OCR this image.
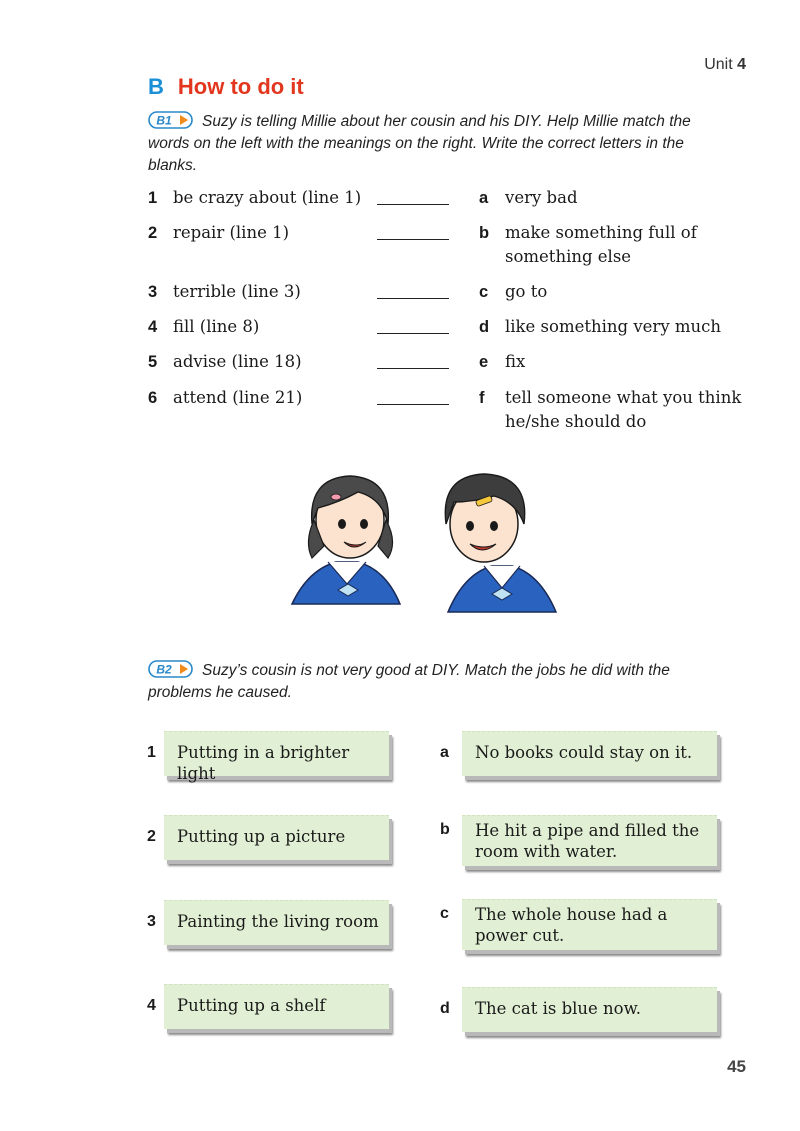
Unit 4
B How to do it
B1 Suzy is telling Millie about her cousin and his DIY. Help Millie match the words on the left with the meanings on the right. Write the correct letters in the blanks.
1 be crazy about (line 1)	a very bad
2 repair (line 1)	b make something full of something else
3 terrible (line 3)	c go to
4 fill (line 8)	d like something very much
5 advise (line 18)	e fix
6 attend (line 21)	f tell someone what you think he/she should do
B2 Suzy’s cousin is not very good at DIY. Match the jobs he did with the problems he caused.
1 Putting in a brighter light
2 Putting up a picture
3 Painting the living room
4 Putting up a shelf
a No books could stay on it.
b He hit a pipe and filled the room with water.
c The whole house had a power cut.
d The cat is blue now.
45
